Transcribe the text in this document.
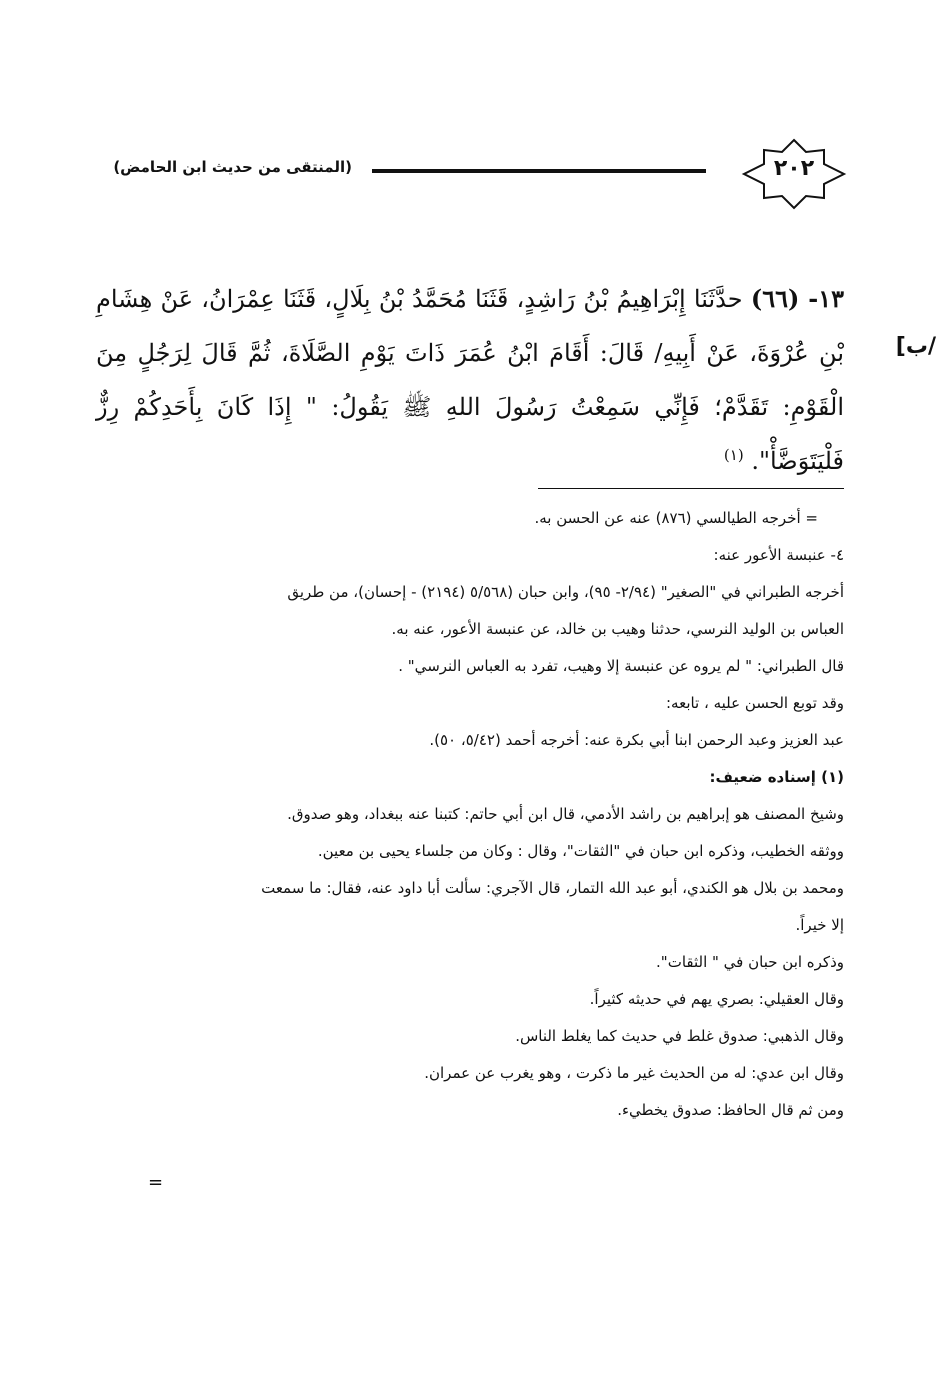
٢٠٢
(المنتقى من حديث ابن الحامض)
/ب]
١٣- (٦٦) حدَّثَنَا إِبْرَاهِيمُ بْنُ رَاشِدٍ، قَثَنَا مُحَمَّدُ بْنُ بِلَالٍ، قَثَنَا عِمْرَانُ، عَنْ هِشَامِ بْنِ عُرْوَةَ، عَنْ أَبِيهِ/ قَالَ: أَقَامَ ابْنُ عُمَرَ ذَاتَ يَوْمِ الصَّلَاةَ، ثُمَّ قَالَ لِرَجُلٍ مِنَ الْقَوْمِ: تَقَدَّمْ؛ فَإِنِّي سَمِعْتُ رَسُولَ اللهِ ﷺ يَقُولُ: " إِذَا كَانَ بِأَحَدِكُمْ رِزٌّ فَلْيَتَوَضَّأْ". $^{(١)}$
= أخرجه الطيالسي (٨٧٦) عنه عن الحسن به.
٤- عنبسة الأعور عنه:
أخرجه الطبراني في "الصغير" (٢/٩٤- ٩٥)، وابن حبان (٥/٥٦٨ (٢١٩٤) - إحسان)، من طريق
العباس بن الوليد النرسي، حدثنا وهيب بن خالد، عن عنبسة الأعور، عنه به.
قال الطبراني: " لم يروه عن عنبسة إلا وهيب، تفرد به العباس النرسي" .
وقد توبع الحسن عليه ، تابعه:
عبد العزيز وعبد الرحمن ابنا أبي بكرة عنه: أخرجه أحمد (٥/٤٢، ٥٠).
(١) إسناده ضعيف:
وشيخ المصنف هو إبراهيم بن راشد الأدمي، قال ابن أبي حاتم: كتبنا عنه ببغداد، وهو صدوق.
ووثقه الخطيب، وذكره ابن حبان في "الثقات"، وقال : وكان من جلساء يحيى بن معين.
ومحمد بن بلال هو الكندي، أبو عبد الله التمار، قال الآجري: سألت أبا داود عنه، فقال: ما سمعت
إلا خيراً.
وذكره ابن حبان في " الثقات".
وقال العقيلي: بصري يهم في حديثه كثيراً.
وقال الذهبي: صدوق غلط في حديث كما يغلط الناس.
وقال ابن عدي: له من الحديث غير ما ذكرت ، وهو يغرب عن عمران.
ومن ثم قال الحافظ: صدوق يخطيء.
=
